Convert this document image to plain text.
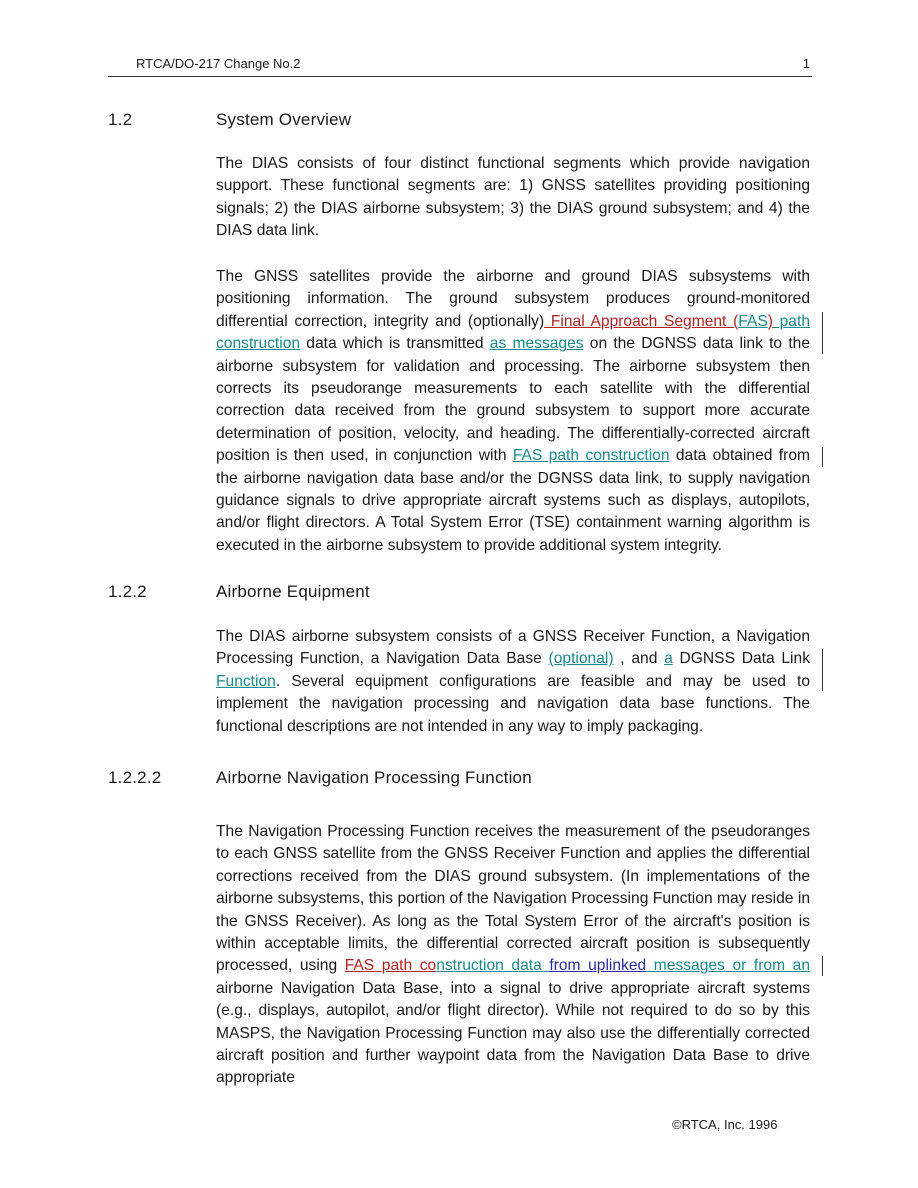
RTCA/DO-217 Change No.2	1
1.2	System Overview
The DIAS consists of four distinct functional segments which provide navigation support. These functional segments are: 1) GNSS satellites providing positioning signals; 2) the DIAS airborne subsystem; 3) the DIAS ground subsystem; and 4) the DIAS data link.
The GNSS satellites provide the airborne and ground DIAS subsystems with positioning information. The ground subsystem produces ground-monitored differential correction, integrity and (optionally) Final Approach Segment (FAS) path construction data which is transmitted as messages on the DGNSS data link to the airborne subsystem for validation and processing. The airborne subsystem then corrects its pseudorange measurements to each satellite with the differential correction data received from the ground subsystem to support more accurate determination of position, velocity, and heading. The differentially-corrected aircraft position is then used, in conjunction with FAS path construction data obtained from the airborne navigation data base and/or the DGNSS data link, to supply navigation guidance signals to drive appropriate aircraft systems such as displays, autopilots, and/or flight directors. A Total System Error (TSE) containment warning algorithm is executed in the airborne subsystem to provide additional system integrity.
1.2.2	Airborne Equipment
The DIAS airborne subsystem consists of a GNSS Receiver Function, a Navigation Processing Function, a Navigation Data Base (optional) , and a DGNSS Data Link Function. Several equipment configurations are feasible and may be used to implement the navigation processing and navigation data base functions. The functional descriptions are not intended in any way to imply packaging.
1.2.2.2	Airborne Navigation Processing Function
The Navigation Processing Function receives the measurement of the pseudoranges to each GNSS satellite from the GNSS Receiver Function and applies the differential corrections received from the DIAS ground subsystem. (In implementations of the airborne subsystems, this portion of the Navigation Processing Function may reside in the GNSS Receiver). As long as the Total System Error of the aircraft's position is within acceptable limits, the differential corrected aircraft position is subsequently processed, using FAS path construction data from uplinked messages or from an airborne Navigation Data Base, into a signal to drive appropriate aircraft systems (e.g., displays, autopilot, and/or flight director). While not required to do so by this MASPS, the Navigation Processing Function may also use the differentially corrected aircraft position and further waypoint data from the Navigation Data Base to drive appropriate
©RTCA, Inc. 1996
